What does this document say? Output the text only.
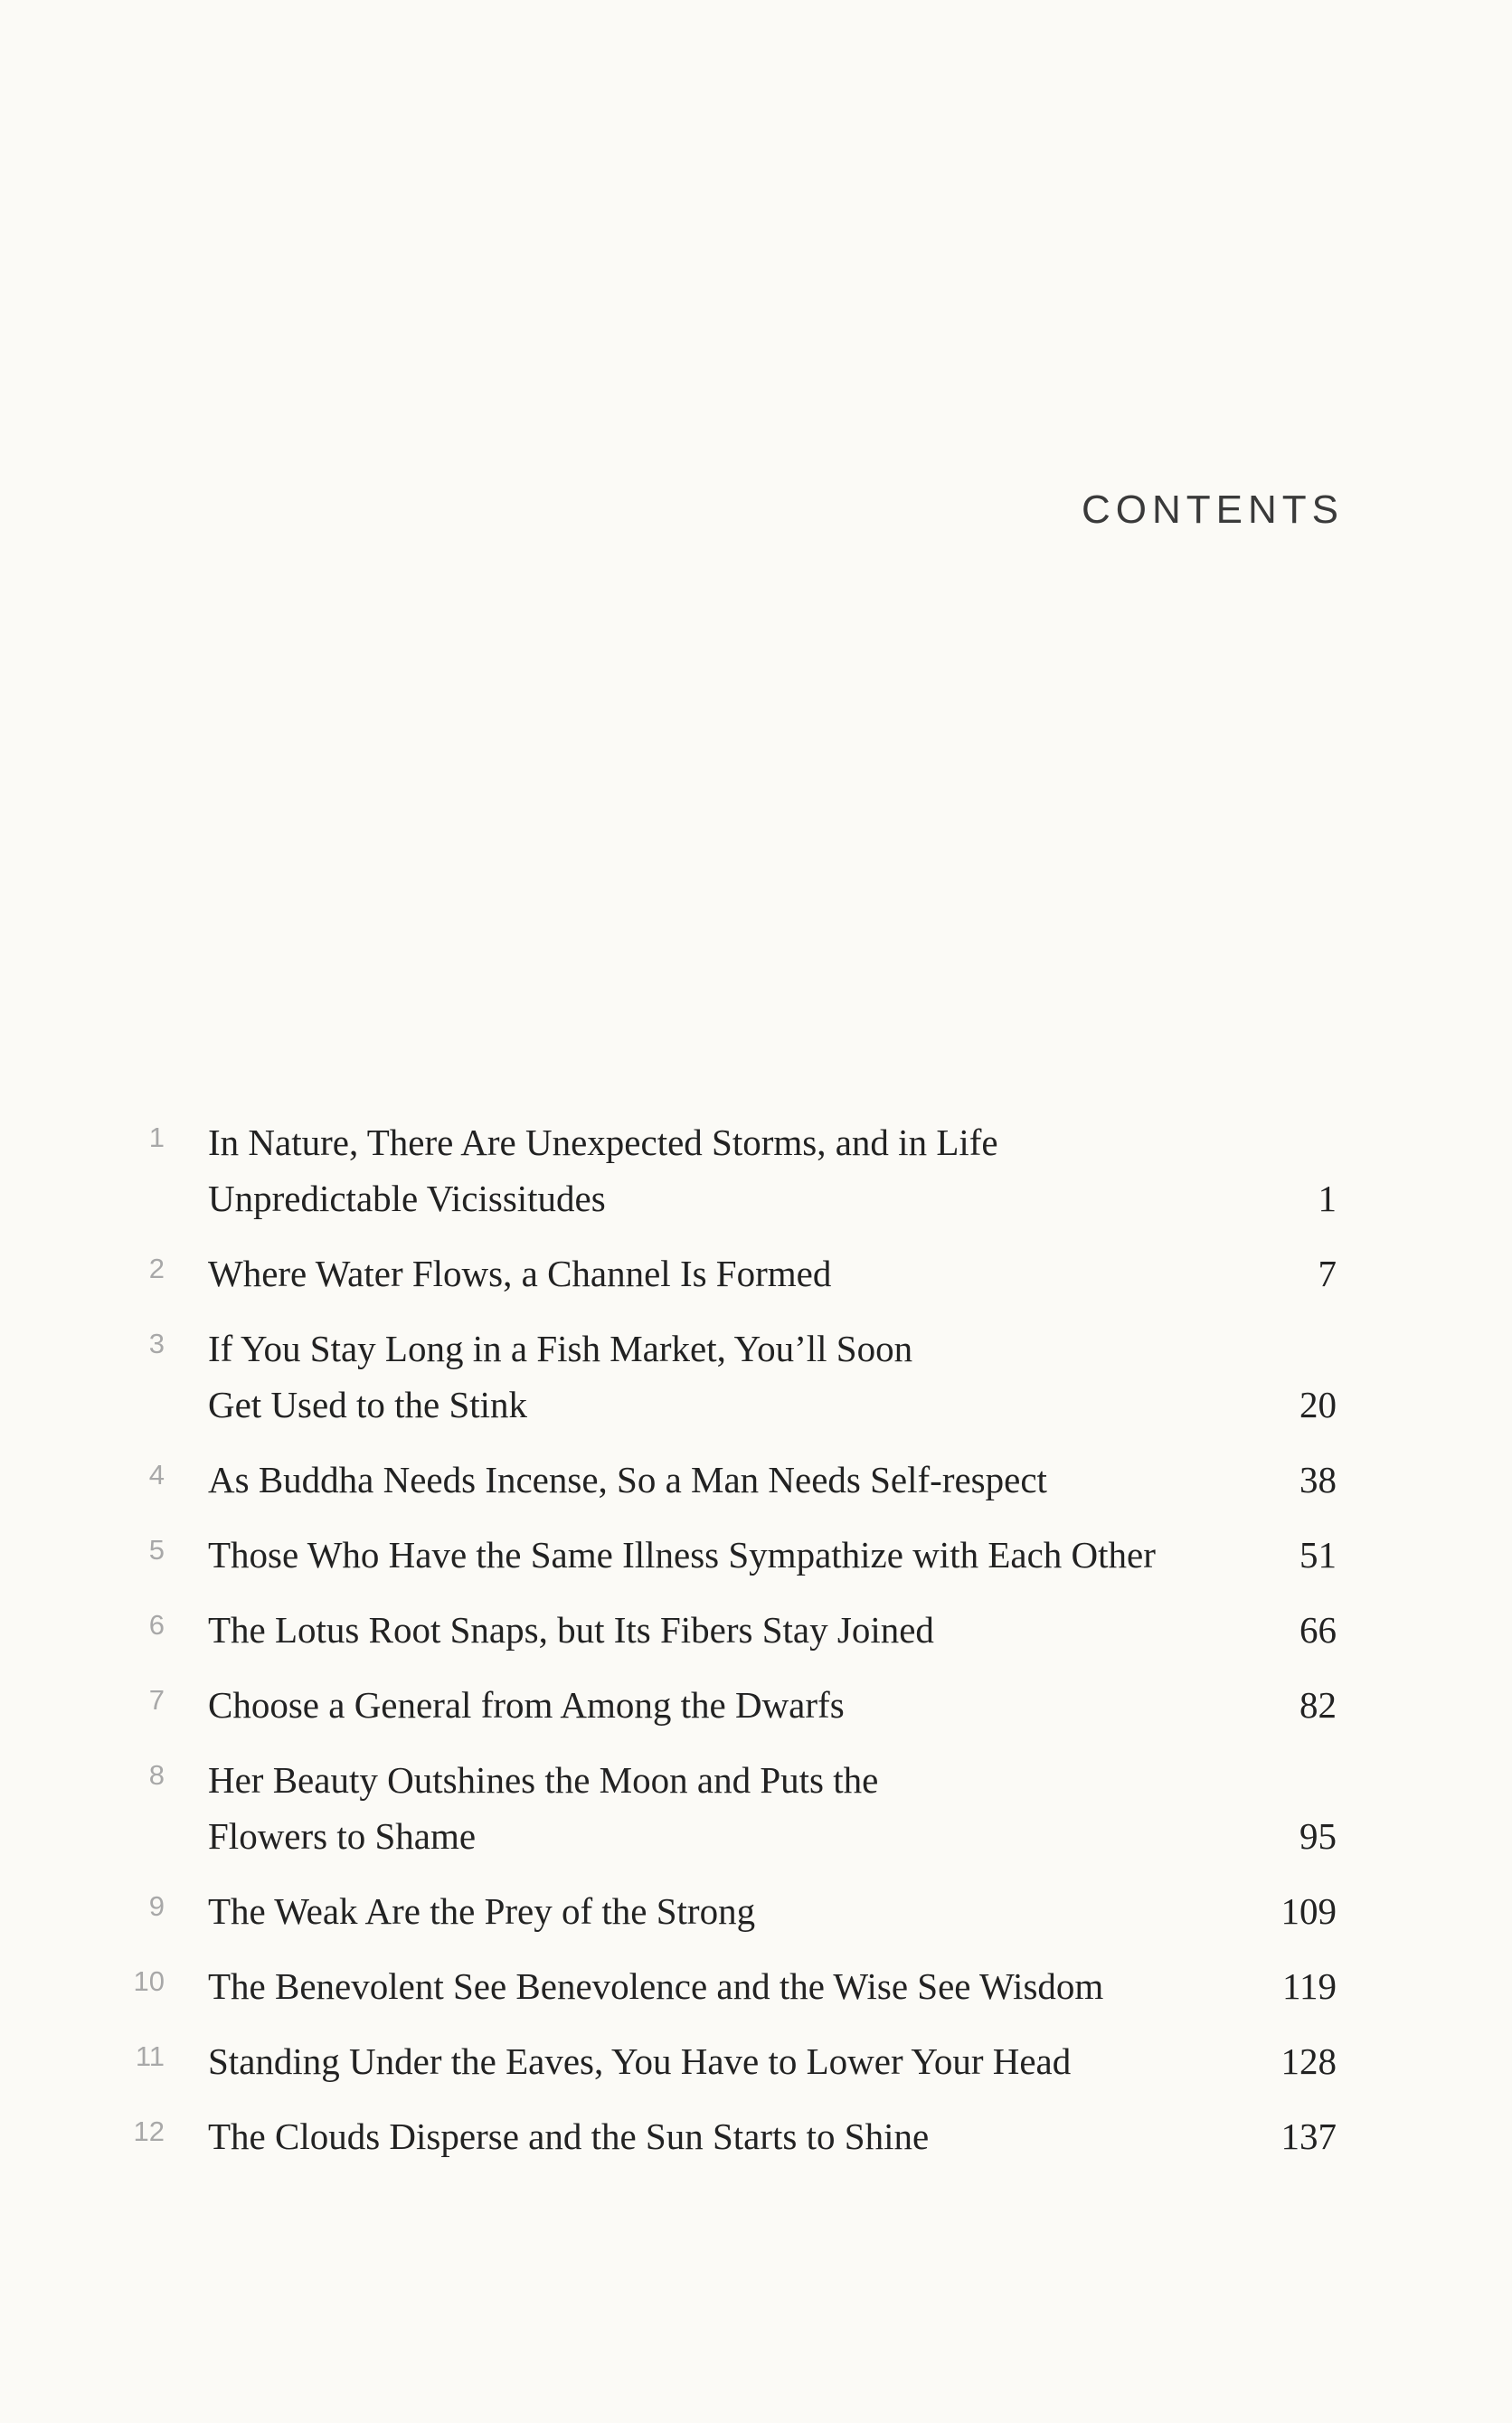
CONTENTS
1 In Nature, There Are Unexpected Storms, and in Life
Unpredictable Vicissitudes	1
2 Where Water Flows, a Channel Is Formed	7
3 If You Stay Long in a Fish Market, You’ll Soon
Get Used to the Stink	20
4 As Buddha Needs Incense, So a Man Needs Self-respect	38
5 Those Who Have the Same Illness Sympathize with Each Other	51
6 The Lotus Root Snaps, but Its Fibers Stay Joined	66
7 Choose a General from Among the Dwarfs	82
8 Her Beauty Outshines the Moon and Puts the
Flowers to Shame	95
9 The Weak Are the Prey of the Strong	109
10 The Benevolent See Benevolence and the Wise See Wisdom	119
11 Standing Under the Eaves, You Have to Lower Your Head	128
12 The Clouds Disperse and the Sun Starts to Shine	137
